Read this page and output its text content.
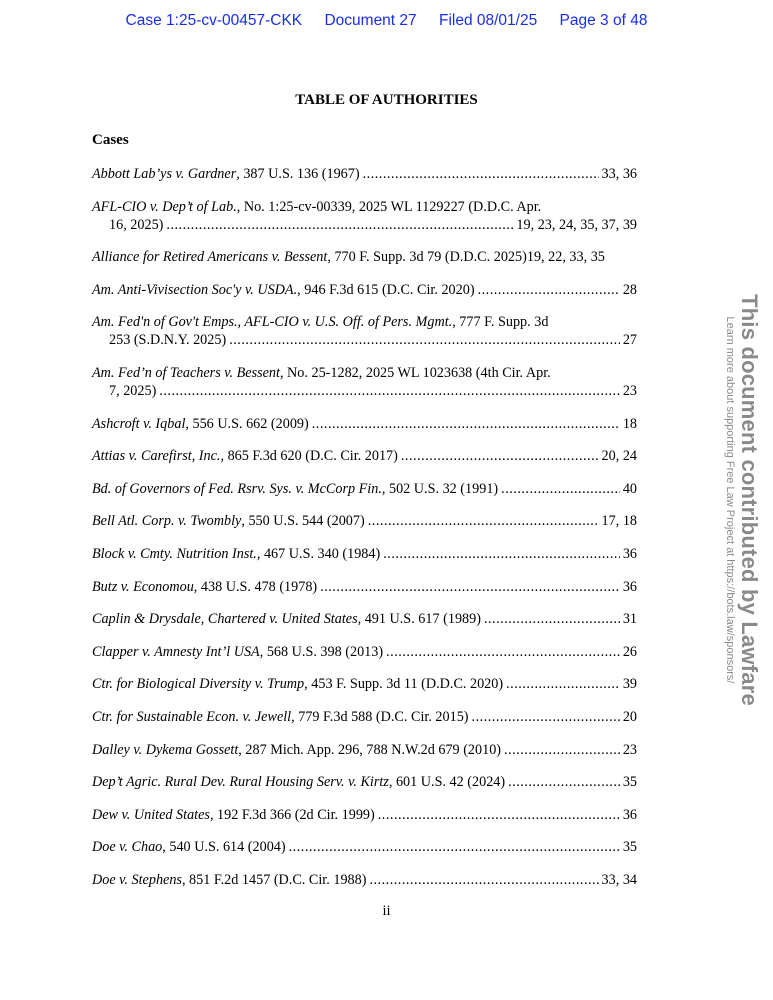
Case 1:25-cv-00457-CKK Document 27 Filed 08/01/25 Page 3 of 48
TABLE OF AUTHORITIES
Cases
Abbott Lab’ys v. Gardner, 387 U.S. 136 (1967) .....	33, 36
AFL-CIO v. Dep’t of Lab., No. 1:25-cv-00339, 2025 WL 1129227 (D.D.C. Apr.
16, 2025) .....	19, 23, 24, 35, 37, 39
Alliance for Retired Americans v. Bessent, 770 F. Supp. 3d 79 (D.D.C. 2025) 19, 22, 33, 35
Am. Anti-Vivisection Soc'y v. USDA., 946 F.3d 615 (D.C. Cir. 2020) .....	28
Am. Fed'n of Gov't Emps., AFL-CIO v. U.S. Off. of Pers. Mgmt., 777 F. Supp. 3d
253 (S.D.N.Y. 2025) .....	27
Am. Fed’n of Teachers v. Bessent, No. 25-1282, 2025 WL 1023638 (4th Cir. Apr.
7, 2025) .....	23
Ashcroft v. Iqbal, 556 U.S. 662 (2009) .....	18
Attias v. Carefirst, Inc., 865 F.3d 620 (D.C. Cir. 2017) .....	20, 24
Bd. of Governors of Fed. Rsrv. Sys. v. McCorp Fin., 502 U.S. 32 (1991) .....	40
Bell Atl. Corp. v. Twombly, 550 U.S. 544 (2007) .....	17, 18
Block v. Cmty. Nutrition Inst., 467 U.S. 340 (1984) .....	36
Butz v. Economou, 438 U.S. 478 (1978) .....	36
Caplin & Drysdale, Chartered v. United States, 491 U.S. 617 (1989) .....	31
Clapper v. Amnesty Int’l USA, 568 U.S. 398 (2013) .....	26
Ctr. for Biological Diversity v. Trump, 453 F. Supp. 3d 11 (D.D.C. 2020) .....	39
Ctr. for Sustainable Econ. v. Jewell, 779 F.3d 588 (D.C. Cir. 2015) .....	20
Dalley v. Dykema Gossett, 287 Mich. App. 296, 788 N.W.2d 679 (2010) .....	23
Dep’t Agric. Rural Dev. Rural Housing Serv. v. Kirtz, 601 U.S. 42 (2024) .....	35
Dew v. United States, 192 F.3d 366 (2d Cir. 1999) .....	36
Doe v. Chao, 540 U.S. 614 (2004) .....	35
Doe v. Stephens, 851 F.2d 1457 (D.C. Cir. 1988) .....	33, 34
ii
This document contributed by Lawfare
Learn more about supporting Free Law Project at https://bots.law/sponsors/
